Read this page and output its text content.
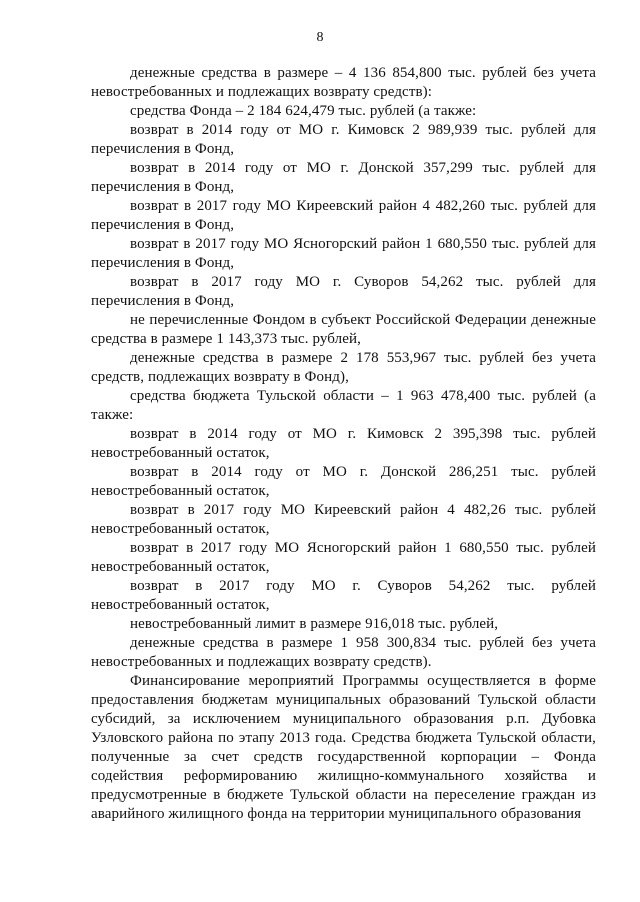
8

денежные средства в размере – 4 136 854,800 тыс. рублей без учета невостребованных и подлежащих возврату средств):

средства Фонда – 2 184 624,479 тыс. рублей (а также:

возврат в 2014 году от МО г. Кимовск 2 989,939 тыс. рублей для перечисления в Фонд,

возврат в 2014 году от МО г. Донской 357,299 тыс. рублей для перечисления в Фонд,

возврат в 2017 году МО Киреевский район 4 482,260 тыс. рублей для перечисления в Фонд,

возврат в 2017 году МО Ясногорский район 1 680,550 тыс. рублей для перечисления в Фонд,

возврат в 2017 году МО г. Суворов 54,262 тыс. рублей для перечисления в Фонд,

не перечисленные Фондом в субъект Российской Федерации денежные средства в размере 1 143,373 тыс. рублей,

денежные средства в размере 2 178 553,967 тыс. рублей без учета средств, подлежащих возврату в Фонд),

средства бюджета Тульской области – 1 963 478,400 тыс. рублей (а также:

возврат в 2014 году от МО г. Кимовск 2 395,398 тыс. рублей невостребованный остаток,

возврат в 2014 году от МО г. Донской 286,251 тыс. рублей невостребованный остаток,

возврат в 2017 году МО Киреевский район 4 482,26 тыс. рублей невостребованный остаток,

возврат в 2017 году МО Ясногорский район 1 680,550 тыс. рублей невостребованный остаток,

возврат в 2017 году МО г. Суворов 54,262 тыс. рублей невостребованный остаток,

невостребованный лимит в размере 916,018 тыс. рублей,

денежные средства в размере 1 958 300,834 тыс. рублей без учета невостребованных и подлежащих возврату средств).

Финансирование мероприятий Программы осуществляется в форме предоставления бюджетам муниципальных образований Тульской области субсидий, за исключением муниципального образования р.п. Дубовка Узловского района по этапу 2013 года. Средства бюджета Тульской области, полученные за счет средств государственной корпорации – Фонда содействия реформированию жилищно-коммунального хозяйства и предусмотренные в бюджете Тульской области на переселение граждан из аварийного жилищного фонда на территории муниципального образования
